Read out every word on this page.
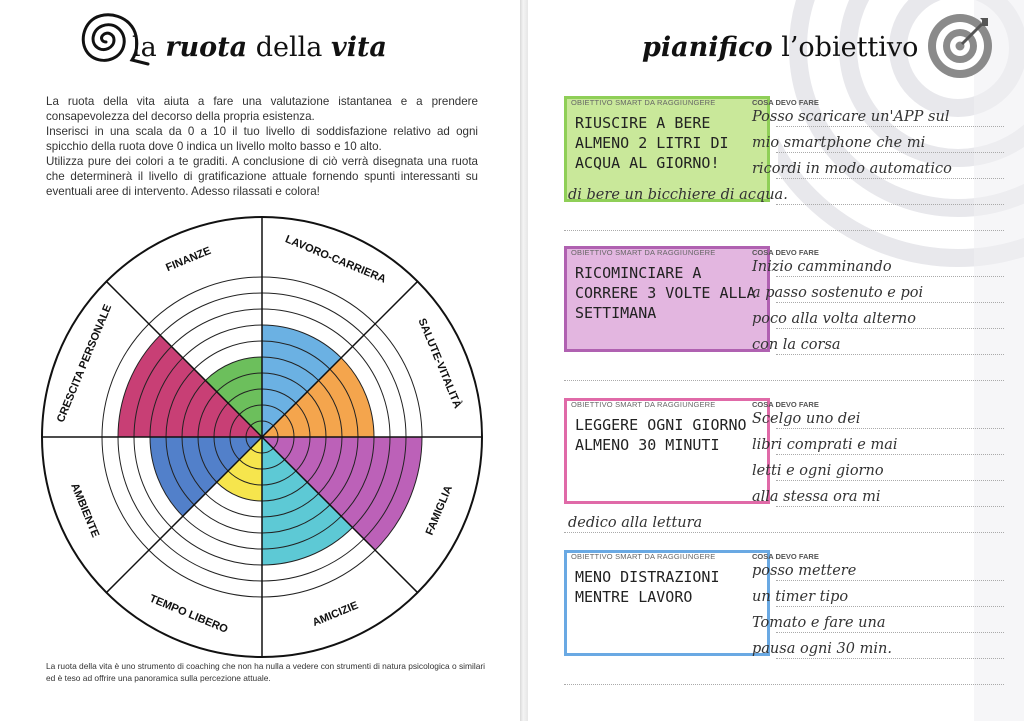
la ruota della vita

La ruota della vita aiuta a fare una valutazione istantanea e a prendere consapevolezza del decorso della propria esistenza.

Inserisci in una scala da 0 a 10 il tuo livello di soddisfazione relativo ad ogni spicchio della ruota dove 0 indica un livello molto basso e 10 alto.

Utilizza pure dei colori a te graditi. A conclusione di ciò verrà disegnata una ruota che determinerà il livello di gratificazione attuale fornendo spunti interessanti su eventuali aree di intervento. Adesso rilassati e colora!

LAVORO-CARRIERA
SALUTE-VITALITÀ
FAMIGLIA
AMICIZIE
TEMPO LIBERO
AMBIENTE
CRESCITA PERSONALE
FINANZE
La ruota della vita è uno strumento di coaching che non ha nulla a vedere con strumenti di natura psicologica o similari ed è teso ad offrire una panoramica sulla percezione attuale.
pianifico l’obiettivo
OBIETTIVO SMART DA RAGGIUNGERE
RIUSCIRE A BERE ALMENO 2 LITRI DI ACQUA AL GIORNO!
COSA DEVO FARE
Posso scaricare un'APP sul
mio smartphone che mi
ricordi in modo automatico
di bere un bicchiere di acqua.
OBIETTIVO SMART DA RAGGIUNGERE
RICOMINCIARE A CORRERE 3 VOLTE ALLA SETTIMANA
COSA DEVO FARE
Inizio camminando
a passo sostenuto e poi
poco alla volta alterno
con la corsa
OBIETTIVO SMART DA RAGGIUNGERE
LEGGERE OGNI GIORNO ALMENO 30 MINUTI
COSA DEVO FARE
Scelgo uno dei
libri comprati e mai
letti e ogni giorno
alla stessa ora mi
dedico alla lettura
OBIETTIVO SMART DA RAGGIUNGERE
MENO DISTRAZIONI MENTRE LAVORO
COSA DEVO FARE
posso mettere
un timer tipo
Tomato e fare una
pausa ogni 30 min.
